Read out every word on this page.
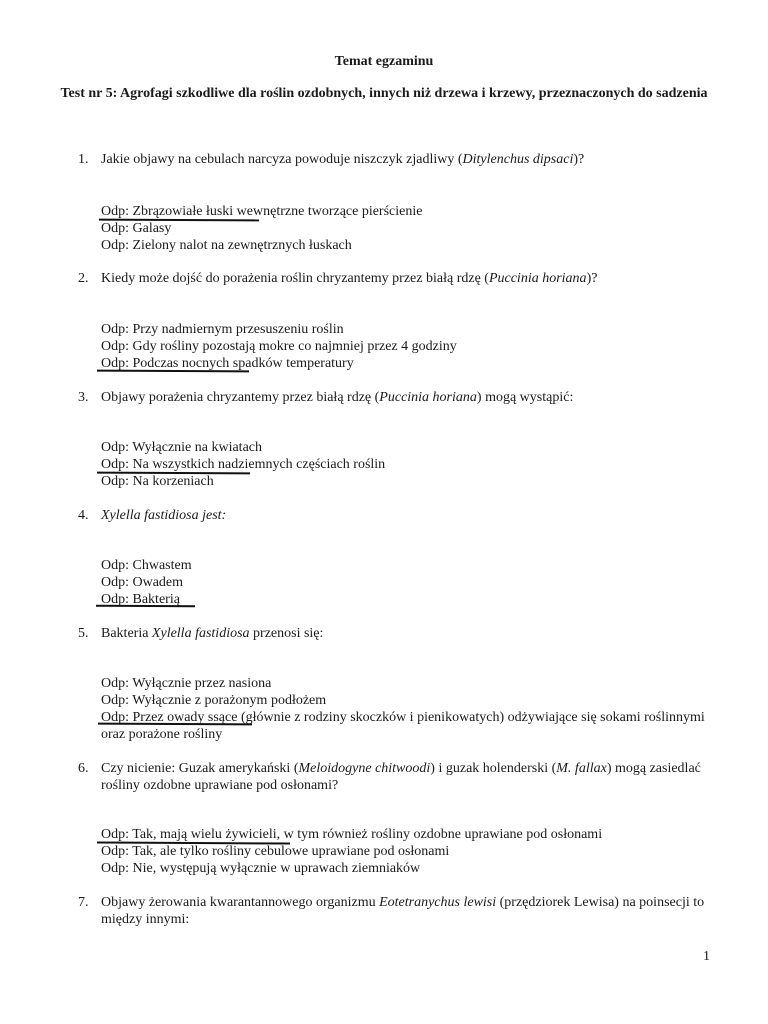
Temat egzaminu
Test nr 5: Agrofagi szkodliwe dla roślin ozdobnych, innych niż drzewa i krzewy, przeznaczonych do sadzenia
1. Jakie objawy na cebulach narcyza powoduje niszczyk zjadliwy (Ditylenchus dipsaci)?
Odp: Zbrązowiałe łuski wewnętrzne tworzące pierścienie
Odp: Galasy
Odp: Zielony nalot na zewnętrznych łuskach
2. Kiedy może dojść do porażenia roślin chryzantemy przez białą rdzę (Puccinia horiana)?
Odp: Przy nadmiernym przesuszeniu roślin
Odp: Gdy rośliny pozostają mokre co najmniej przez 4 godziny
Odp: Podczas nocnych spadków temperatury
3. Objawy porażenia chryzantemy przez białą rdzę (Puccinia horiana) mogą wystąpić:
Odp: Wyłącznie na kwiatach
Odp: Na wszystkich nadziemnych częściach roślin
Odp: Na korzeniach
4. Xylella fastidiosa jest:
Odp: Chwastem
Odp: Owadem
Odp: Bakterią
5. Bakteria Xylella fastidiosa przenosi się:
Odp: Wyłącznie przez nasiona
Odp: Wyłącznie z porażonym podłożem
Odp: Przez owady ssące (głównie z rodziny skoczków i pienikowatych) odżywiające się sokami roślinnymi oraz porażone rośliny
6. Czy nicienie: Guzak amerykański (Meloidogyne chitwoodi) i guzak holenderski (M. fallax) mogą zasiedlać rośliny ozdobne uprawiane pod osłonami?
Odp: Tak, mają wielu żywicieli, w tym również rośliny ozdobne uprawiane pod osłonami
Odp: Tak, ale tylko rośliny cebulowe uprawiane pod osłonami
Odp: Nie, występują wyłącznie w uprawach ziemniaków
7. Objawy żerowania kwarantannowego organizmu Eotetranychus lewisi (przędziorek Lewisa) na poinsecji to między innymi:
1
